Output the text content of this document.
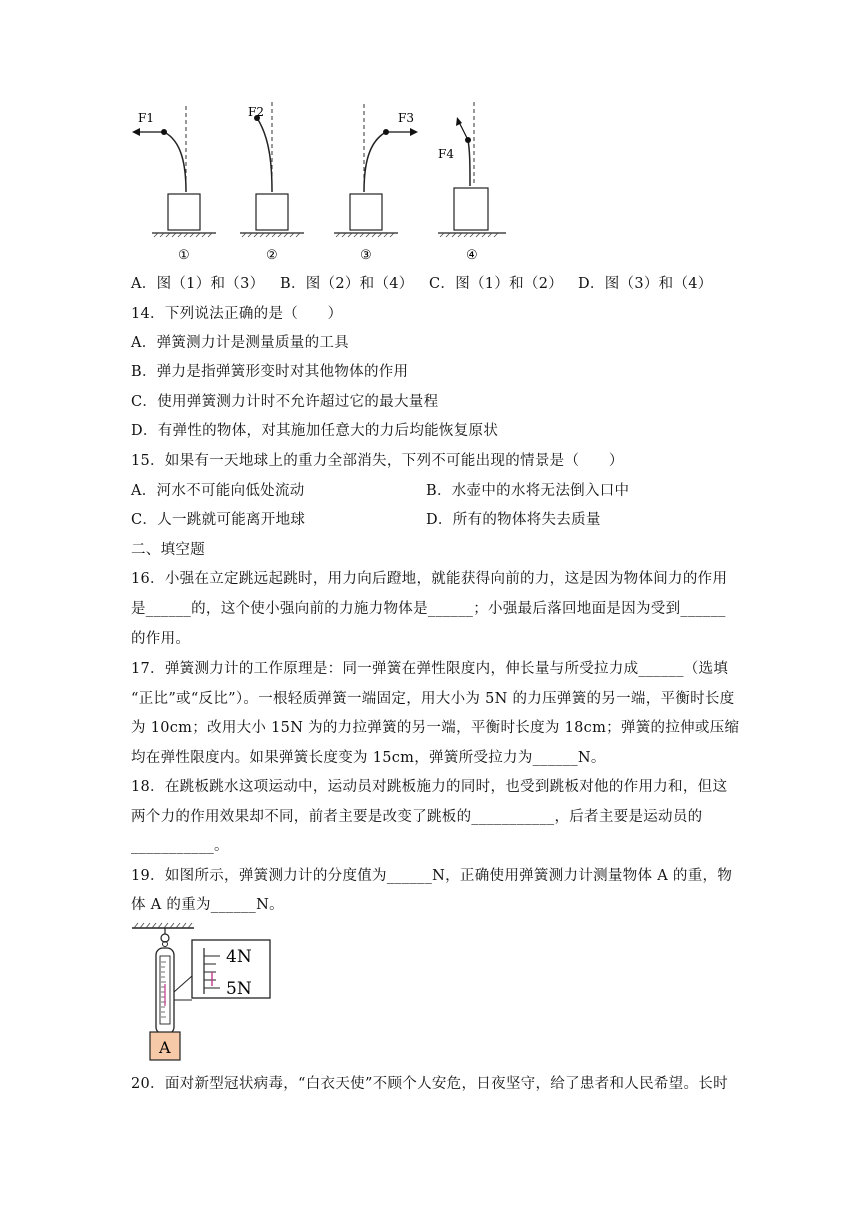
F1
①
F2
②
F3
③
F4
④
A．图（1）和（3） B．图（2）和（4） C．图（1）和（2） D．图（3）和（4）
14．下列说法正确的是（　　）
A．弹簧测力计是测量质量的工具
B．弹力是指弹簧形变时对其他物体的作用
C．使用弹簧测力计时不允许超过它的最大量程
D．有弹性的物体，对其施加任意大的力后均能恢复原状
15．如果有一天地球上的重力全部消失，下列不可能出现的情景是（　　）
A．河水不可能向低处流动	B．水壶中的水将无法倒入口中
C．人一跳就可能离开地球	D．所有的物体将失去质量
二、填空题
16．小强在立定跳远起跳时，用力向后蹬地，就能获得向前的力，这是因为物体间力的作用
是______的，这个使小强向前的力施力物体是______；小强最后落回地面是因为受到______
的作用。
17．弹簧测力计的工作原理是：同一弹簧在弹性限度内，伸长量与所受拉力成______（选填
“正比”或“反比”）。一根轻质弹簧一端固定，用大小为 5N 的力压弹簧的另一端，平衡时长度
为 10cm；改用大小 15N 为的力拉弹簧的另一端，平衡时长度为 18cm；弹簧的拉伸或压缩
均在弹性限度内。如果弹簧长度变为 15cm，弹簧所受拉力为______N。
18．在跳板跳水这项运动中，运动员对跳板施力的同时，也受到跳板对他的作用力和，但这
两个力的作用效果却不同，前者主要是改变了跳板的___________，后者主要是运动员的
___________。
19．如图所示，弹簧测力计的分度值为______N，正确使用弹簧测力计测量物体 A 的重，物
体 A 的重为______N。
4N
5N
A
20．面对新型冠状病毒，“白衣天使”不顾个人安危，日夜坚守，给了患者和人民希望。长时
